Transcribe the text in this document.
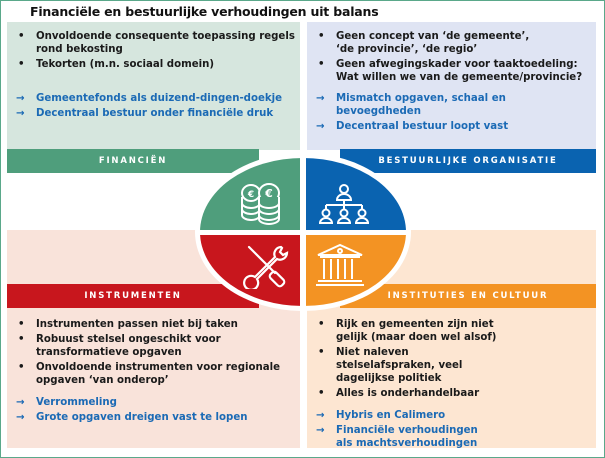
Financiële en bestuurlijke verhoudingen uit balans
FINANCIËN	BESTUURLIJKE ORGANISATIE
INSTRUMENTEN	INSTITUTIES EN CULTUUR
€
€
• Onvoldoende consequente toepassing regels rond bekosting
• Tekorten (m.n. sociaal domein)
→ Gemeentefonds als duizend-dingen-doekje
→ Decentraal bestuur onder financiële druk
• Geen concept van ‘de gemeente’, ‘de provincie’, ‘de regio’
• Geen afwegingskader voor taaktoedeling: Wat willen we van de gemeente/provincie?
→ Mismatch opgaven, schaal en bevoegdheden
→ Decentraal bestuur loopt vast
• Instrumenten passen niet bij taken
• Robuust stelsel ongeschikt voor transformatieve opgaven
• Onvoldoende instrumenten voor regionale opgaven ‘van onderop’
→ Verrommeling
→ Grote opgaven dreigen vast te lopen
• Rijk en gemeenten zijn niet gelijk (maar doen wel alsof)
• Niet naleven stelselafspraken, veel dagelijkse politiek
• Alles is onderhandelbaar
→ Hybris en Calimero
→ Financiële verhoudingen als machtsverhoudingen
